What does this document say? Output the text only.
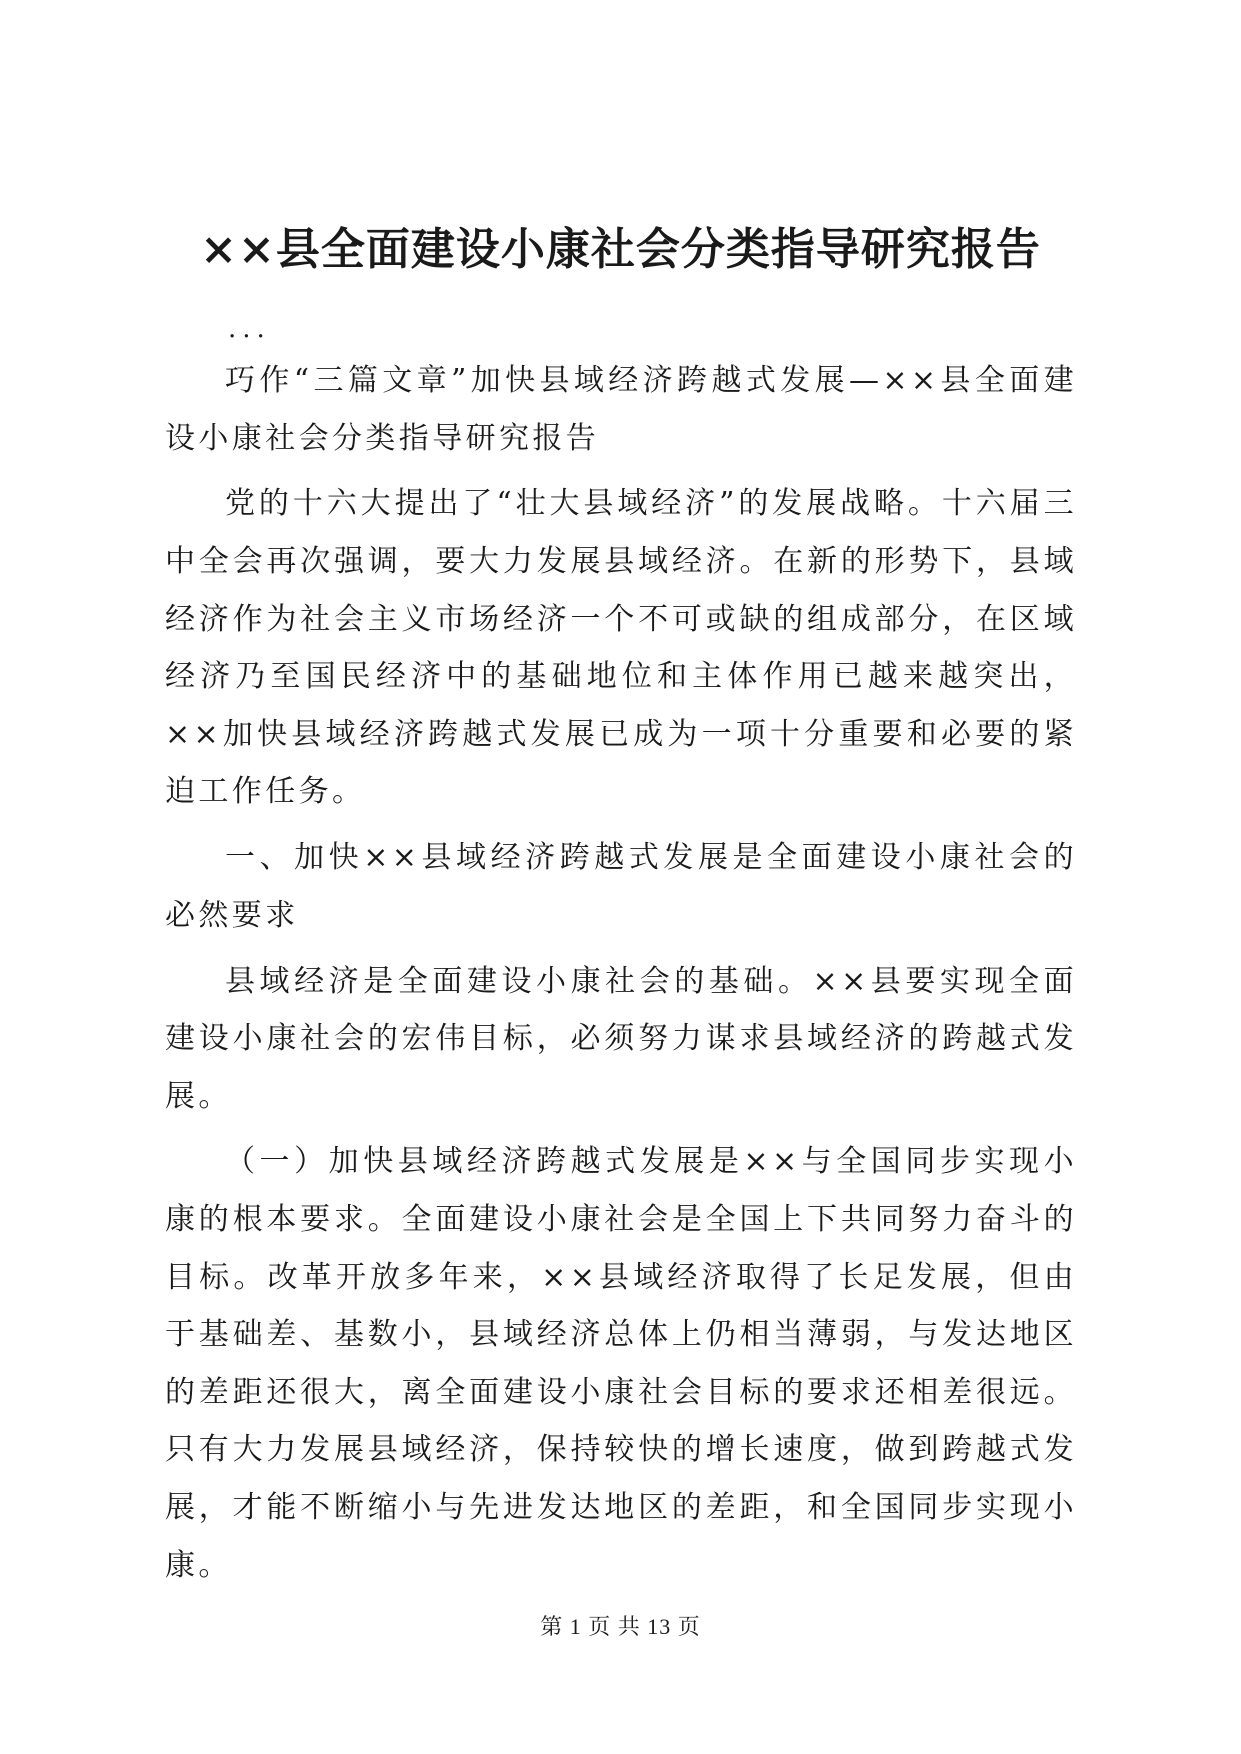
××县全面建设小康社会分类指导研究报告
...

巧作“三篇文章”加快县域经济跨越式发展—××县全面建设小康社会分类指导研究报告

党的十六大提出了“壮大县域经济”的发展战略。十六届三中全会再次强调，要大力发展县域经济。在新的形势下，县域经济作为社会主义市场经济一个不可或缺的组成部分，在区域经济乃至国民经济中的基础地位和主体作用已越来越突出，××加快县域经济跨越式发展已成为一项十分重要和必要的紧迫工作任务。

一、加快××县域经济跨越式发展是全面建设小康社会的必然要求

县域经济是全面建设小康社会的基础。××县要实现全面建设小康社会的宏伟目标，必须努力谋求县域经济的跨越式发展。

（一）加快县域经济跨越式发展是××与全国同步实现小康的根本要求。全面建设小康社会是全国上下共同努力奋斗的目标。改革开放多年来，××县域经济取得了长足发展，但由于基础差、基数小，县域经济总体上仍相当薄弱，与发达地区的差距还很大，离全面建设小康社会目标的要求还相差很远。只有大力发展县域经济，保持较快的增长速度，做到跨越式发展，才能不断缩小与先进发达地区的差距，和全国同步实现小康。

第 1 页 共 13 页
